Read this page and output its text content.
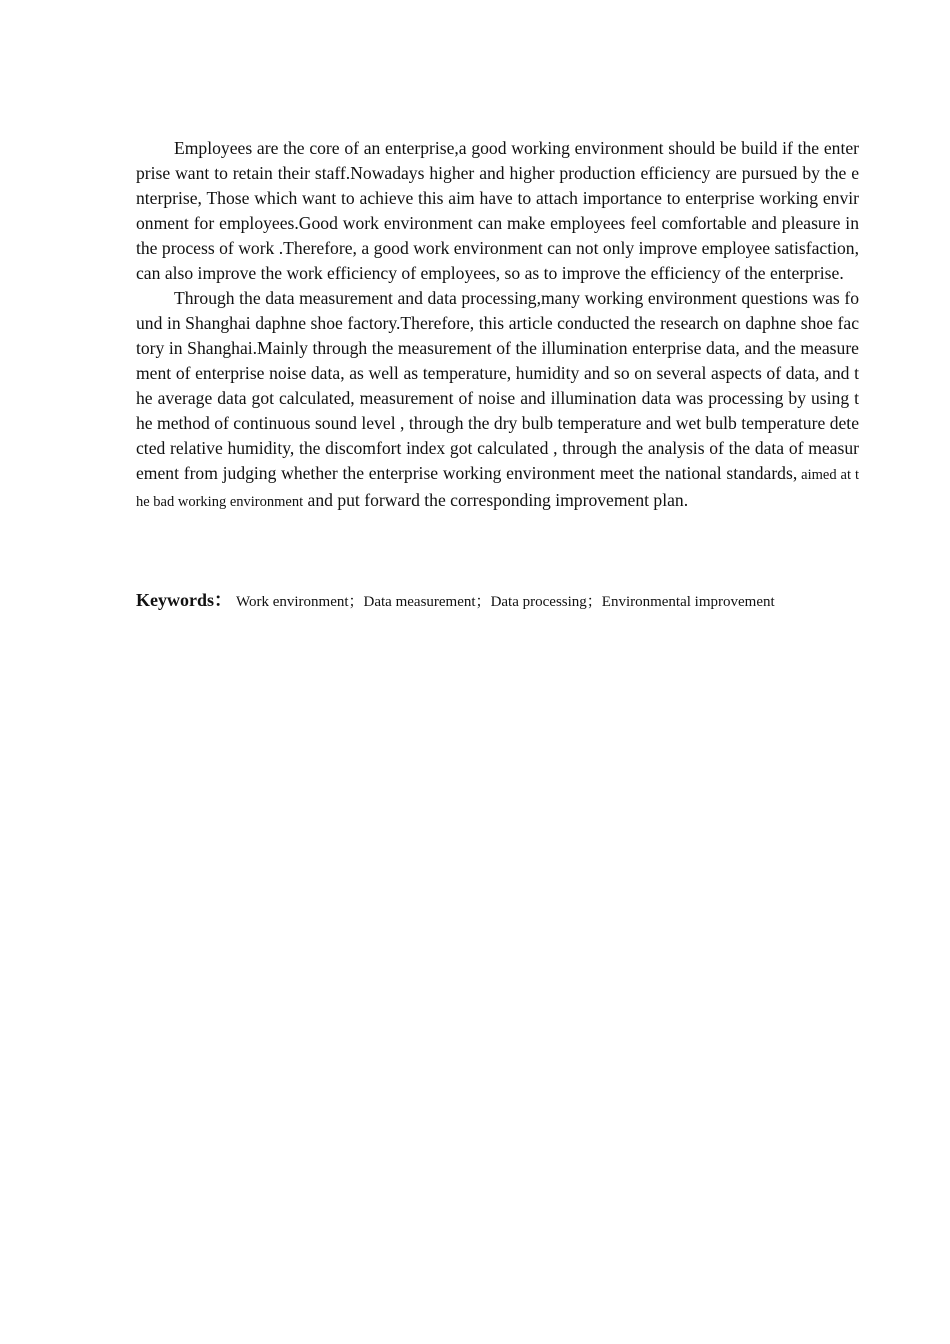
Employees are the core of an enterprise,a good working environment should be build if the enterprise want to retain their staff.Nowadays higher and higher production efficiency are pursued by the enterprise, Those which want to achieve this aim have to attach importance to enterprise working environment for employees.Good work environment can make employees feel comfortable and pleasure in the process of work .Therefore, a good work environment can not only improve employee satisfaction, can also improve the work efficiency of employees, so as to improve the efficiency of the enterprise.

Through the data measurement and data processing,many working environment questions was found in Shanghai daphne shoe factory.Therefore, this article conducted the research on daphne shoe factory in Shanghai.Mainly through the measurement of the illumination enterprise data, and the measurement of enterprise noise data, as well as temperature, humidity and so on several aspects of data, and the average data got calculated, measurement of noise and illumination data was processing by using the method of continuous sound level , through the dry bulb temperature and wet bulb temperature detected relative humidity, the discomfort index got calculated , through the analysis of the data of measurement from judging whether the enterprise working environment meet the national standards, aimed at the bad working environment and put forward the corresponding improvement plan.

Keywords： Work environment；Data measurement；Data processing；Environmental improvement
